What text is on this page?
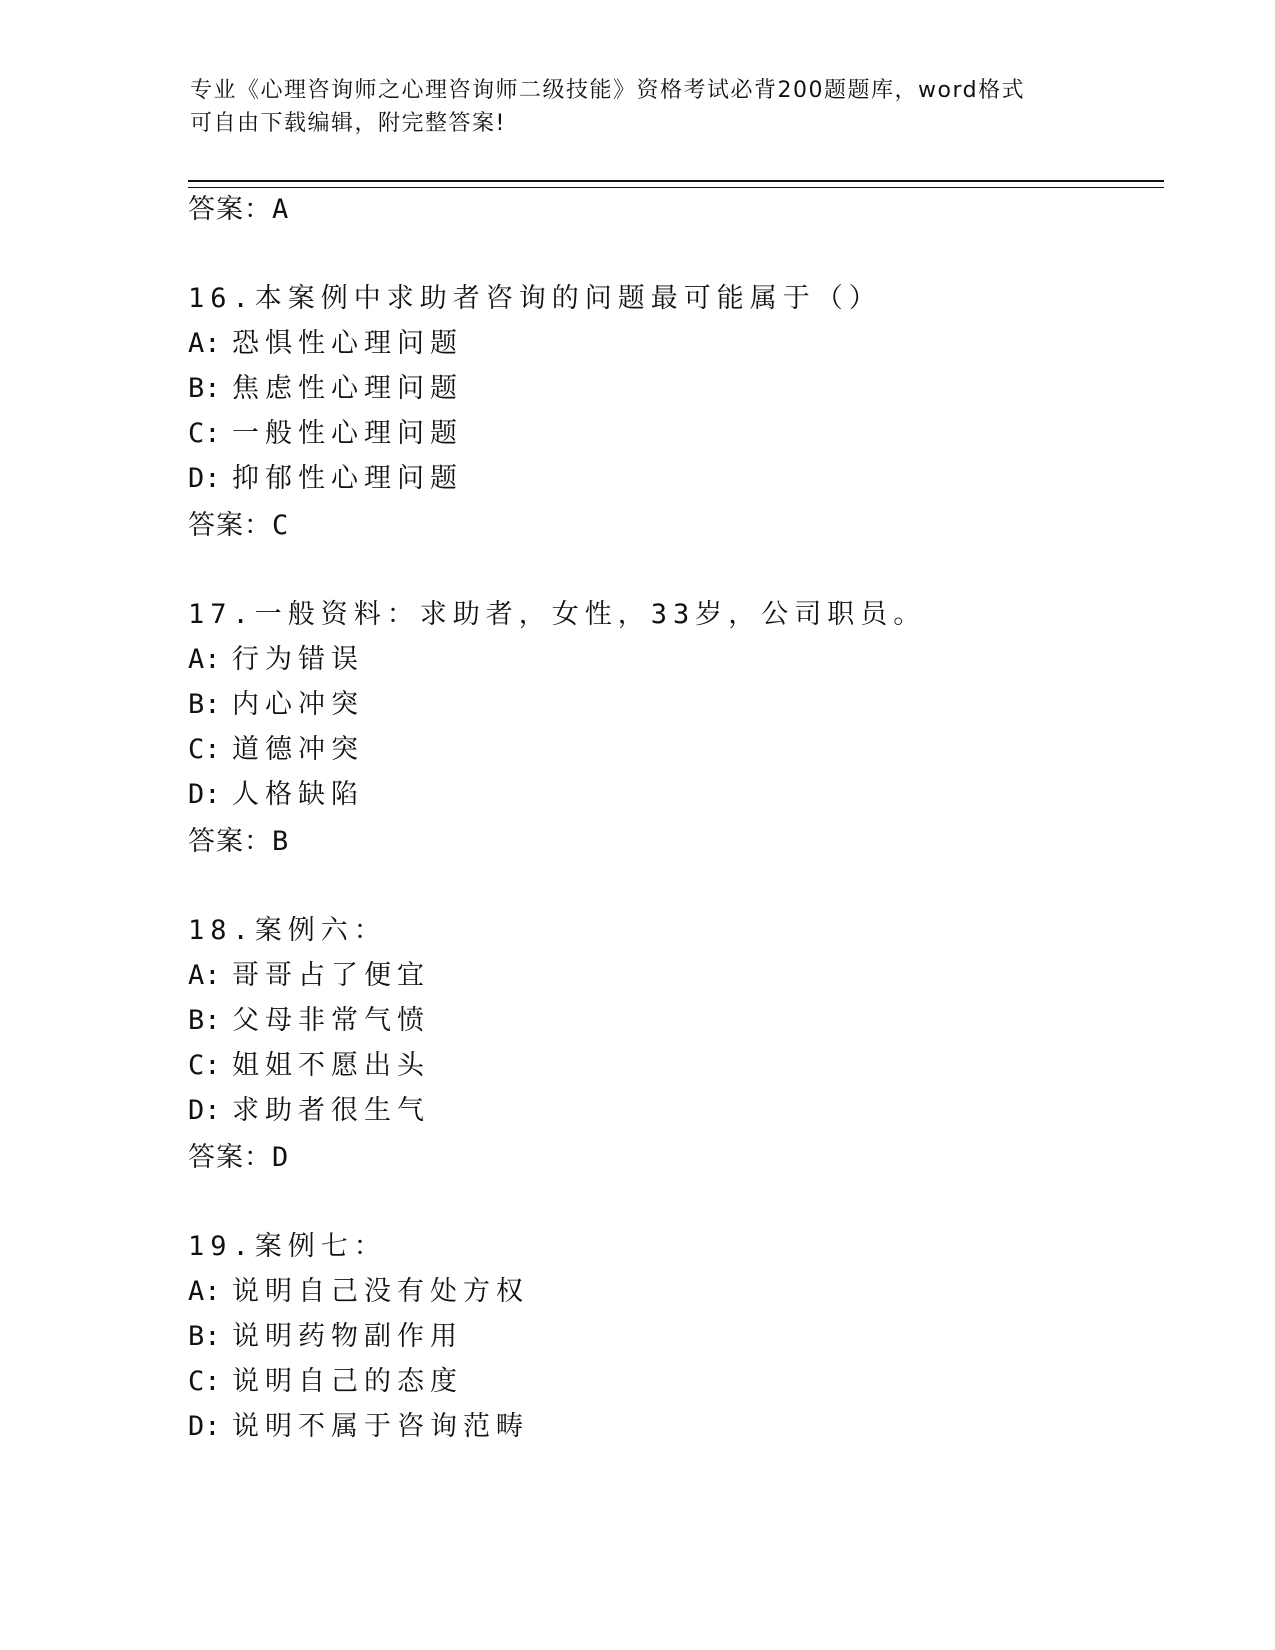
专业《心理咨询师之心理咨询师二级技能》资格考试必背200题题库，word格式
可自由下载编辑，附完整答案!
答案：A
16.本案例中求助者咨询的问题最可能属于（）
A: 恐惧性心理问题
B: 焦虑性心理问题
C: 一般性心理问题
D: 抑郁性心理问题
答案：C
17.一般资料：求助者，女性，33岁，公司职员。
A: 行为错误
B: 内心冲突
C: 道德冲突
D: 人格缺陷
答案：B
18.案例六：
A: 哥哥占了便宜
B: 父母非常气愤
C: 姐姐不愿出头
D: 求助者很生气
答案：D
19.案例七：
A: 说明自己没有处方权
B: 说明药物副作用
C: 说明自己的态度
D: 说明不属于咨询范畴
